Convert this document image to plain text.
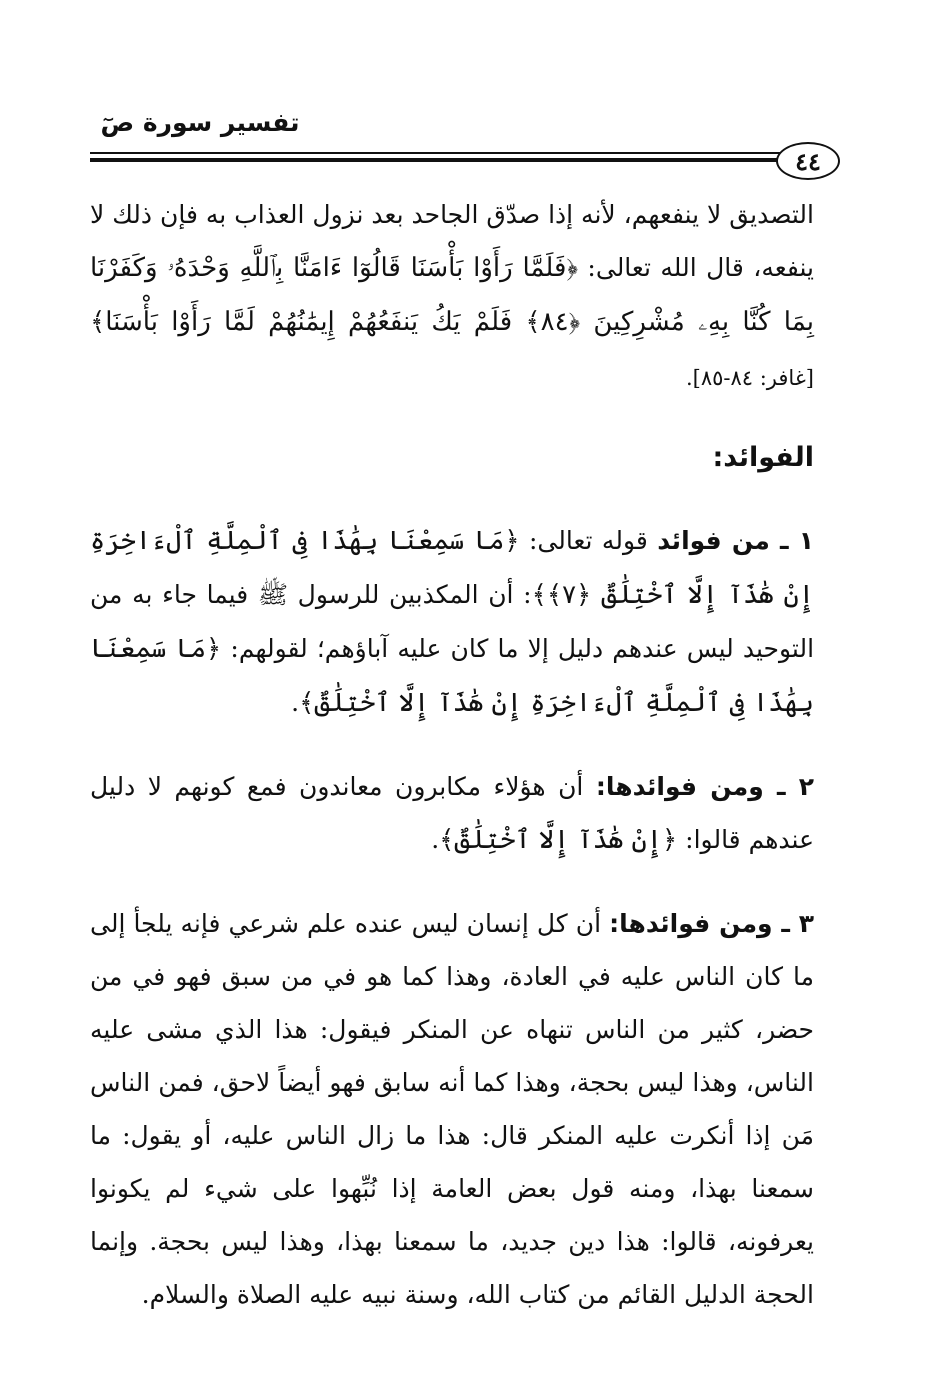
تفسير سورة صٓ
٤٤

التصديق لا ينفعهم، لأنه إذا صدّق الجاحد بعد نزول العذاب به فإن ذلك لا ينفعه، قال الله تعالى: ﴿فَلَمَّا رَأَوْا بَأْسَنَا قَالُوٓا ءَامَنَّا بِٱللَّهِ وَحْدَهُۥ وَكَفَرْنَا بِمَا كُنَّا بِهِۦ مُشْرِكِينَ ﴿٨٤﴾ فَلَمْ يَكُ يَنفَعُهُمْ إِيمَٰنُهُمْ لَمَّا رَأَوْا بَأْسَنَا﴾ [غافر: ٨٤-٨٥].

الفوائد:

١ ـ من فوائد قوله تعالى: ﴿مَا سَمِعْنَا بِهَٰذَا فِى ٱلْمِلَّةِ ٱلْءَاخِرَةِ إِنْ هَٰذَآ إِلَّا ٱخْتِلَٰقٌ ﴿٧﴾﴾: أن المكذبين للرسول ﷺ فيما جاء به من التوحيد ليس عندهم دليل إلا ما كان عليه آباؤهم؛ لقولهم: ﴿مَا سَمِعْنَا بِهَٰذَا فِى ٱلْمِلَّةِ ٱلْءَاخِرَةِ إِنْ هَٰذَآ إِلَّا ٱخْتِلَٰقٌ﴾.

٢ ـ ومن فوائدها: أن هؤلاء مكابرون معاندون فمع كونهم لا دليل عندهم قالوا: ﴿إِنْ هَٰذَآ إِلَّا ٱخْتِلَٰقٌ﴾.

٣ ـ ومن فوائدها: أن كل إنسان ليس عنده علم شرعي فإنه يلجأ إلى ما كان الناس عليه في العادة، وهذا كما هو في من سبق فهو في من حضر، كثير من الناس تنهاه عن المنكر فيقول: هذا الذي مشى عليه الناس، وهذا ليس بحجة، وهذا كما أنه سابق فهو أيضاً لاحق، فمن الناس مَن إذا أنكرت عليه المنكر قال: هذا ما زال الناس عليه، أو يقول: ما سمعنا بهذا، ومنه قول بعض العامة إذا نُبِّهوا على شيء لم يكونوا يعرفونه، قالوا: هذا دين جديد، ما سمعنا بهذا، وهذا ليس بحجة. وإنما الحجة الدليل القائم من كتاب الله، وسنة نبيه عليه الصلاة والسلام.
